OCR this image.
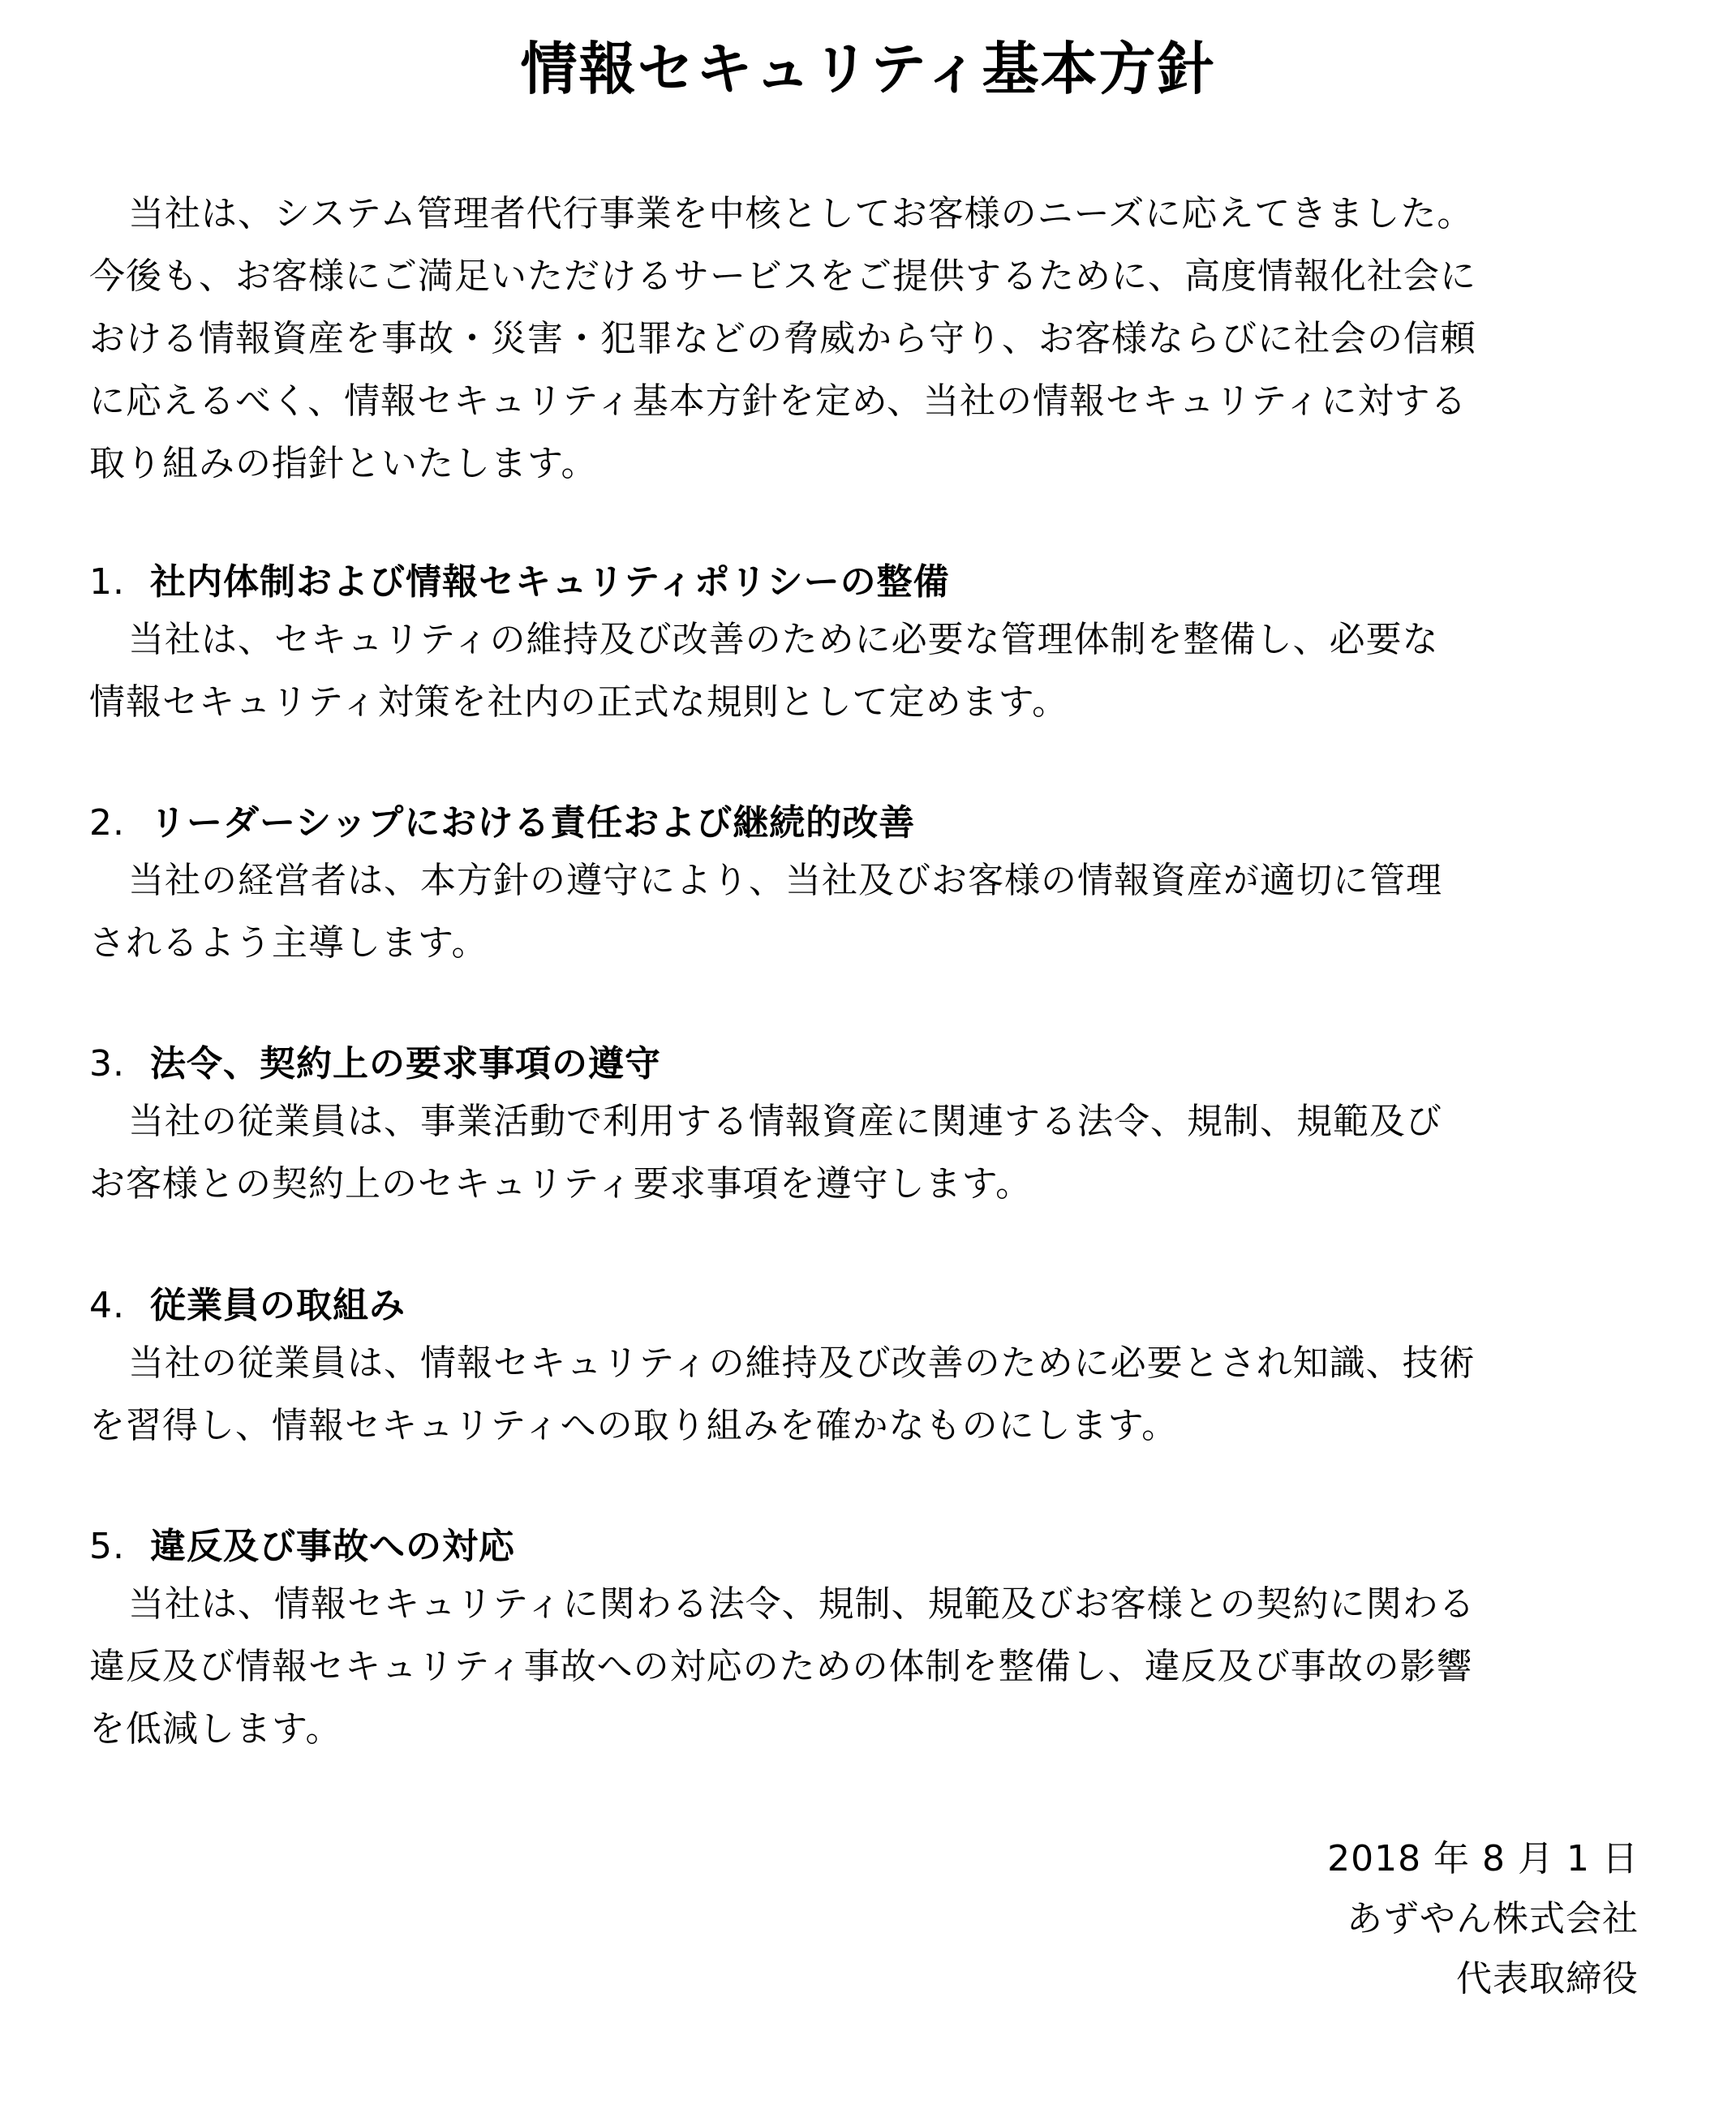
情報セキュリティ基本方針
当社は、システム管理者代行事業を中核としてお客様のニーズに応えてきました。
今後も、お客様にご満足いただけるサービスをご提供するために、高度情報化社会に
おける情報資産を事故・災害・犯罪などの脅威から守り、お客様ならびに社会の信頼
に応えるべく、情報セキュリティ基本方針を定め、当社の情報セキュリティに対する
取り組みの指針といたします。
1. 社内体制および情報セキュリティポリシーの整備
当社は、セキュリティの維持及び改善のために必要な管理体制を整備し、必要な
情報セキュリティ対策を社内の正式な規則として定めます。
2. リーダーシップにおける責任および継続的改善
当社の経営者は、本方針の遵守により、当社及びお客様の情報資産が適切に管理
されるよう主導します。
3. 法令、契約上の要求事項の遵守
当社の従業員は、事業活動で利用する情報資産に関連する法令、規制、規範及び
お客様との契約上のセキュリティ要求事項を遵守します。
4. 従業員の取組み
当社の従業員は、情報セキュリティの維持及び改善のために必要とされ知識、技術
を習得し、情報セキュリティへの取り組みを確かなものにします。
5. 違反及び事故への対応
当社は、情報セキュリティに関わる法令、規制、規範及びお客様との契約に関わる
違反及び情報セキュリティ事故への対応のための体制を整備し、違反及び事故の影響
を低減します。
2018 年 8 月 1 日
あずやん株式会社
代表取締役
